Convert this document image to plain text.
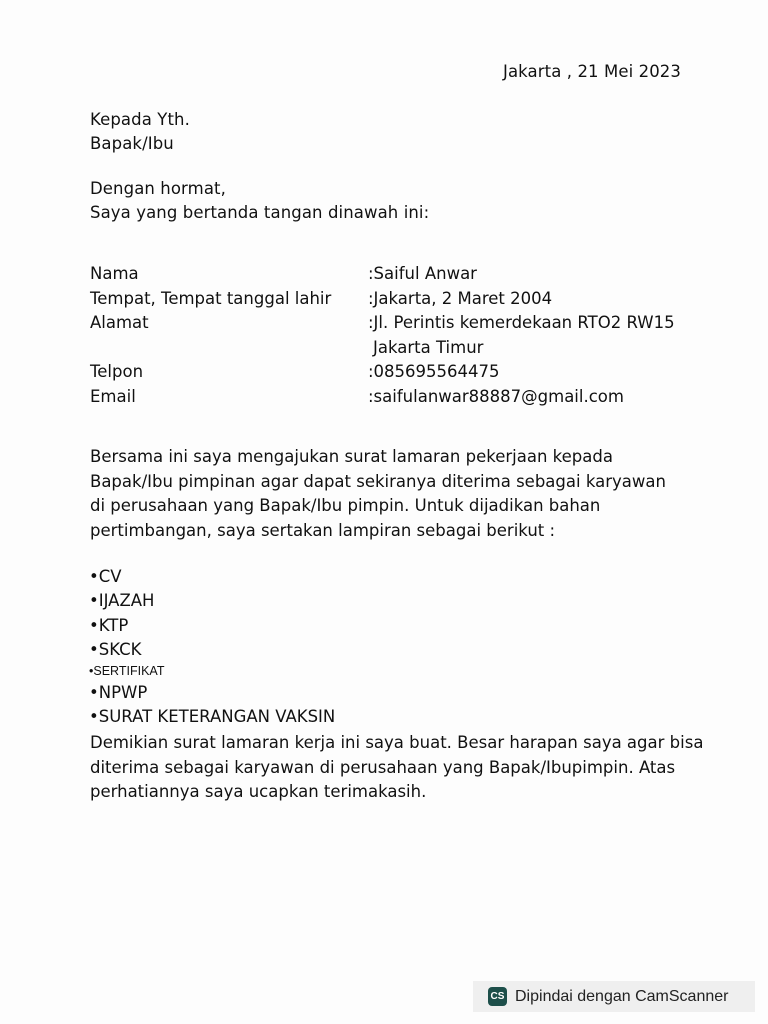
Jakarta , 21 Mei 2023
Kepada Yth.
Bapak/Ibu
Dengan hormat,
Saya yang bertanda tangan dinawah ini:
Nama	:Saiful Anwar
Tempat, Tempat tanggal lahir	:Jakarta, 2 Maret 2004
Alamat	:Jl. Perintis kemerdekaan RTO2 RW15
Jakarta Timur
Telpon	:085695564475
Email	:saifulanwar88887@gmail.com
Bersama ini saya mengajukan surat lamaran pekerjaan kepada
Bapak/Ibu pimpinan agar dapat sekiranya diterima sebagai karyawan
di perusahaan yang Bapak/Ibu pimpin. Untuk dijadikan bahan
pertimbangan, saya sertakan lampiran sebagai berikut :
•CV
•IJAZAH
•KTP
•SKCK
•SERTIFIKAT
•NPWP
•SURAT KETERANGAN VAKSIN
Demikian surat lamaran kerja ini saya buat. Besar harapan saya agar bisa
diterima sebagai karyawan di perusahaan yang Bapak/Ibupimpin. Atas
perhatiannya saya ucapkan terimakasih.
CS Dipindai dengan CamScanner
